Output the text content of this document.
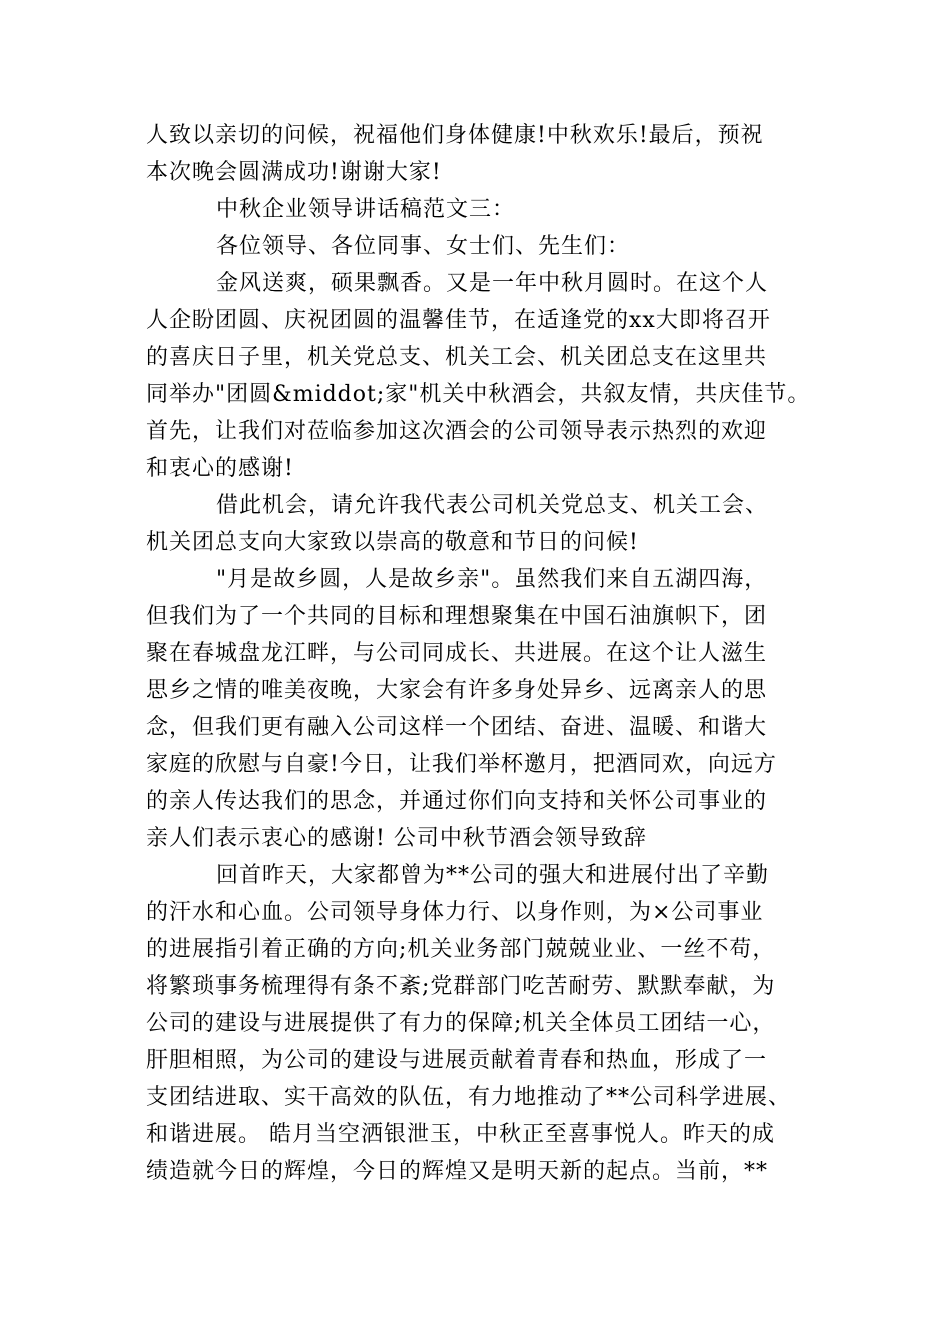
人致以亲切的问候，祝福他们身体健康!中秋欢乐!最后，预祝
本次晚会圆满成功!谢谢大家!
中秋企业领导讲话稿范文三：
各位领导、各位同事、女士们、先生们：
金风送爽，硕果飘香。又是一年中秋月圆时。在这个人
人企盼团圆、庆祝团圆的温馨佳节，在适逢党的xx大即将召开
的喜庆日子里，机关党总支、机关工会、机关团总支在这里共
同举办"团圆&middot;家"机关中秋酒会，共叙友情，共庆佳节。
首先，让我们对莅临参加这次酒会的公司领导表示热烈的欢迎
和衷心的感谢!
借此机会，请允许我代表公司机关党总支、机关工会、
机关团总支向大家致以崇高的敬意和节日的问候!
"月是故乡圆，人是故乡亲"。虽然我们来自五湖四海，
但我们为了一个共同的目标和理想聚集在中国石油旗帜下，团
聚在春城盘龙江畔，与公司同成长、共进展。在这个让人滋生
思乡之情的唯美夜晚，大家会有许多身处异乡、远离亲人的思
念，但我们更有融入公司这样一个团结、奋进、温暖、和谐大
家庭的欣慰与自豪!今日，让我们举杯邀月，把酒同欢，向远方
的亲人传达我们的思念，并通过你们向支持和关怀公司事业的
亲人们表示衷心的感谢! 公司中秋节酒会领导致辞
回首昨天，大家都曾为**公司的强大和进展付出了辛勤
的汗水和心血。公司领导身体力行、以身作则，为×公司事业
的进展指引着正确的方向;机关业务部门兢兢业业、一丝不苟，
将繁琐事务梳理得有条不紊;党群部门吃苦耐劳、默默奉献，为
公司的建设与进展提供了有力的保障;机关全体员工团结一心，
肝胆相照，为公司的建设与进展贡献着青春和热血，形成了一
支团结进取、实干高效的队伍，有力地推动了**公司科学进展、
和谐进展。 皓月当空洒银泄玉，中秋正至喜事悦人。昨天的成
绩造就今日的辉煌，今日的辉煌又是明天新的起点。当前，**
